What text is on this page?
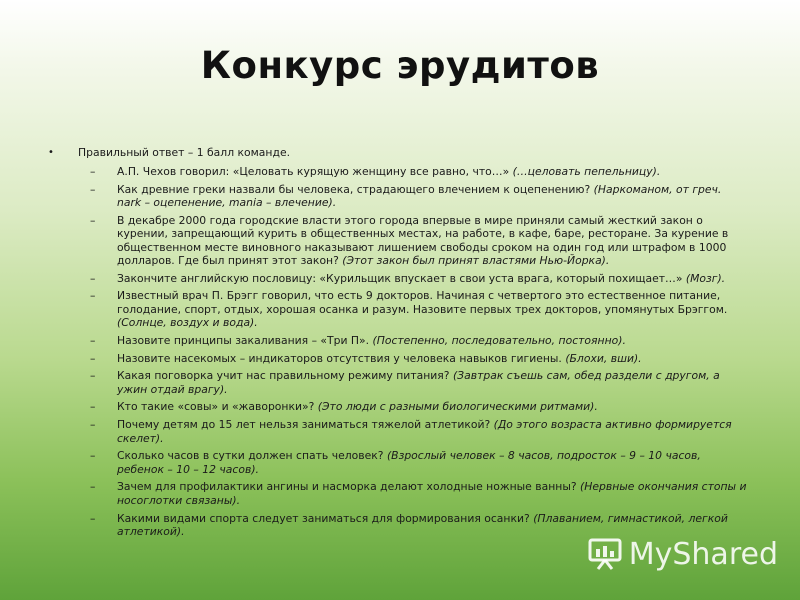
Конкурс эрудитов
•	Правильный ответ – 1 балл команде.
–	А.П. Чехов говорил: «Целовать курящую женщину все равно, что…» (…целовать пепельницу).
–	Как древние греки назвали бы человека, страдающего влечением к оцепенению? (Наркоманом, от греч. nark – оцепенение, mania – влечение).
–	В декабре 2000 года городские власти этого города впервые в мире приняли самый жесткий закон о курении, запрещающий курить в общественных местах, на работе, в кафе, баре, ресторане. За курение в общественном месте виновного наказывают лишением свободы сроком на один год или штрафом в 1000 долларов. Где был принят этот закон? (Этот закон был принят властями Нью-Йорка).
–	Закончите английскую пословицу: «Курильщик впускает в свои уста врага, который похищает…» (Мозг).
–	Известный врач П. Брэгг говорил, что есть 9 докторов. Начиная с четвертого это естественное питание, голодание, спорт, отдых, хорошая осанка и разум. Назовите первых трех докторов, упомянутых Брэггом. (Солнце, воздух и вода).
–	Назовите принципы закаливания – «Три П». (Постепенно, последовательно, постоянно).
–	Назовите насекомых – индикаторов отсутствия у человека навыков гигиены. (Блохи, вши).
–	Какая поговорка учит нас правильному режиму питания? (Завтрак съешь сам, обед раздели с другом, а ужин отдай врагу).
–	Кто такие «совы» и «жаворонки»? (Это люди с разными биологическими ритмами).
–	Почему детям до 15 лет нельзя заниматься тяжелой атлетикой? (До этого возраста активно формируется скелет).
–	Сколько часов в сутки должен спать человек? (Взрослый человек – 8 часов, подросток – 9 – 10 часов, ребенок – 10 – 12 часов).
–	Зачем для профилактики ангины и насморка делают холодные ножные ванны? (Нервные окончания стопы и носоглотки связаны).
–	Какими видами спорта следует заниматься для формирования осанки? (Плаванием, гимнастикой, легкой атлетикой).
MyShared
